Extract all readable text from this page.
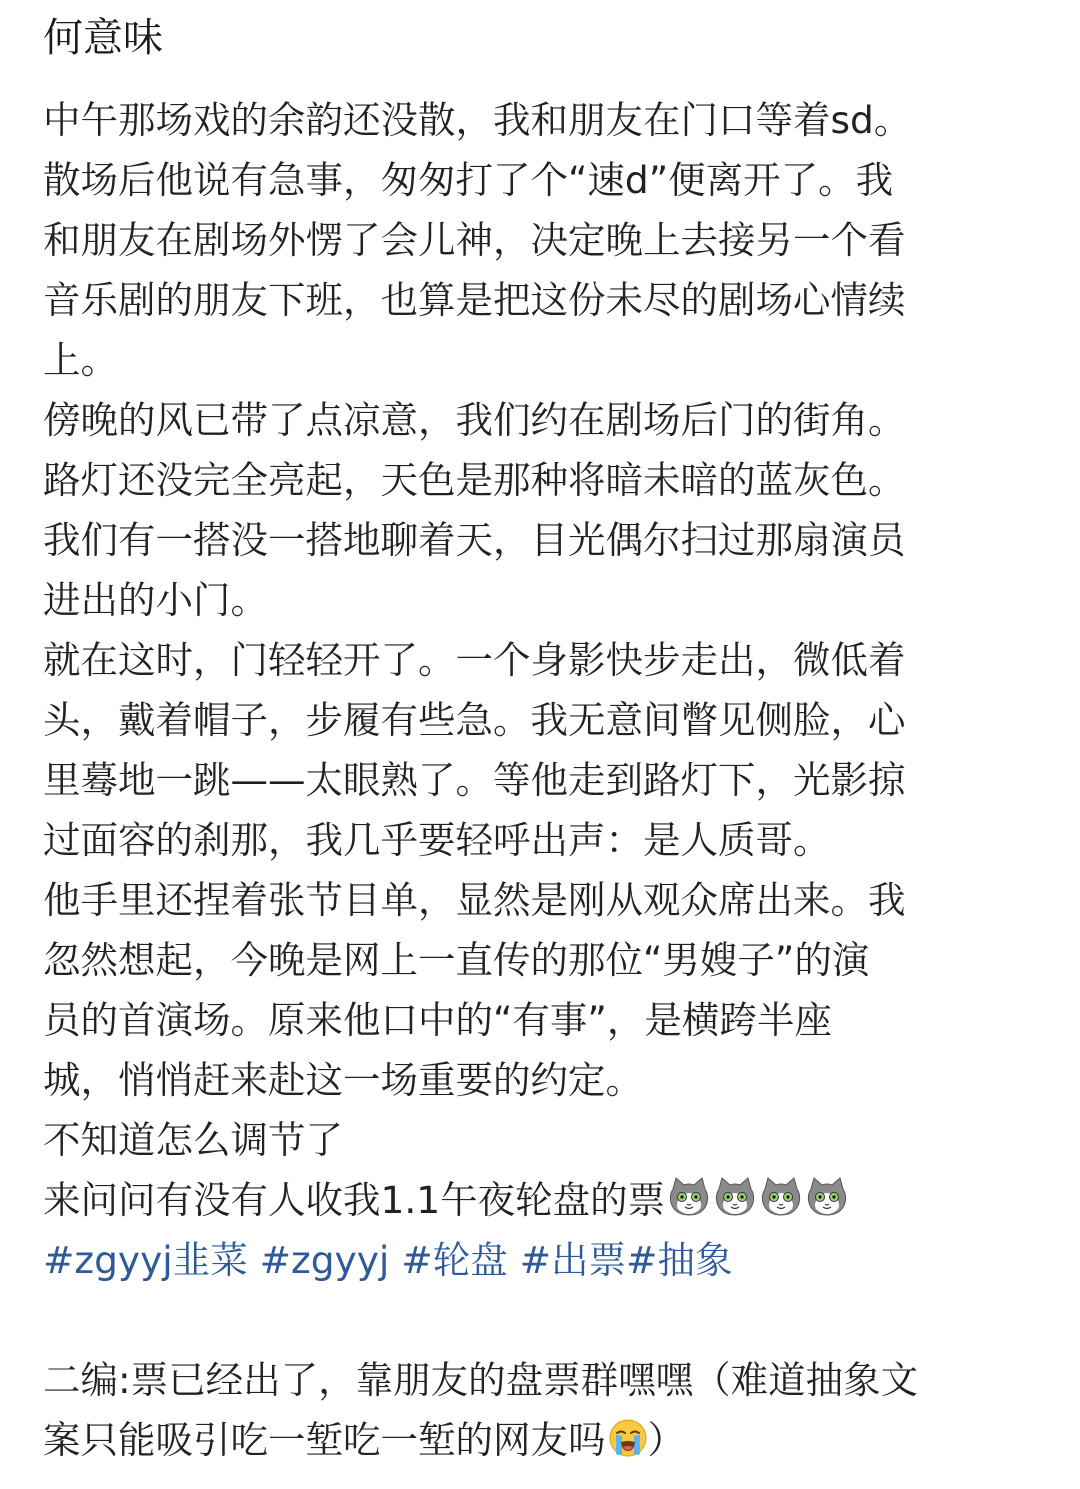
何意味
中午那场戏的余韵还没散，我和朋友在门口等着sd。
散场后他说有急事，匆匆打了个“速d”便离开了。我
和朋友在剧场外愣了会儿神，决定晚上去接另一个看
音乐剧的朋友下班，也算是把这份未尽的剧场心情续
上。
傍晚的风已带了点凉意，我们约在剧场后门的街角。
路灯还没完全亮起，天色是那种将暗未暗的蓝灰色。
我们有一搭没一搭地聊着天，目光偶尔扫过那扇演员
进出的小门。
就在这时，门轻轻开了。一个身影快步走出，微低着
头，戴着帽子，步履有些急。我无意间瞥见侧脸，心
里蓦地一跳——太眼熟了。等他走到路灯下，光影掠
过面容的刹那，我几乎要轻呼出声：是人质哥。
他手里还捏着张节目单，显然是刚从观众席出来。我
忽然想起，今晚是网上一直传的那位“男嫂子”的演
员的首演场。原来他口中的“有事”，是横跨半座
城，悄悄赶来赴这一场重要的约定。
不知道怎么调节了
来问问有没有人收我1.1午夜轮盘的票
#zgyyj韭菜 #zgyyj #轮盘 #出票#抽象
二编:票已经出了，靠朋友的盘票群嘿嘿（难道抽象文
案只能吸引吃一堑吃一堑的网友吗 ）
